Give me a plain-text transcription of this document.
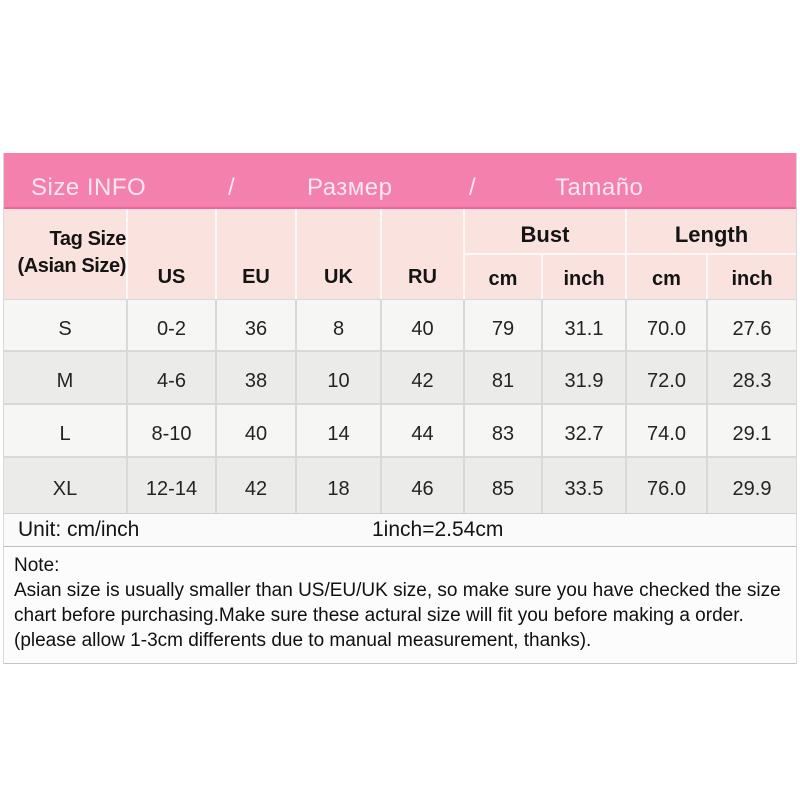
Size INFO	/	Размер	/	Tamaño
Tag Size
(Asian Size)	US	EU	UK	RU
Bust	Length
cm	inch	cm	inch
S	0-2	36	8	40	79	31.1	70.0	27.6
M	4-6	38	10	42	81	31.9	72.0	28.3
L	8-10	40	14	44	83	32.7	74.0	29.1
XL	12-14	42	18	46	85	33.5	76.0	29.9
Unit: cm/inch	1inch=2.54cm
Note:
Asian size is usually smaller than US/EU/UK size, so make sure you have checked the size chart before purchasing.Make sure these actural size will fit you before making a order.(please allow 1-3cm differents due to manual measurement, thanks).
